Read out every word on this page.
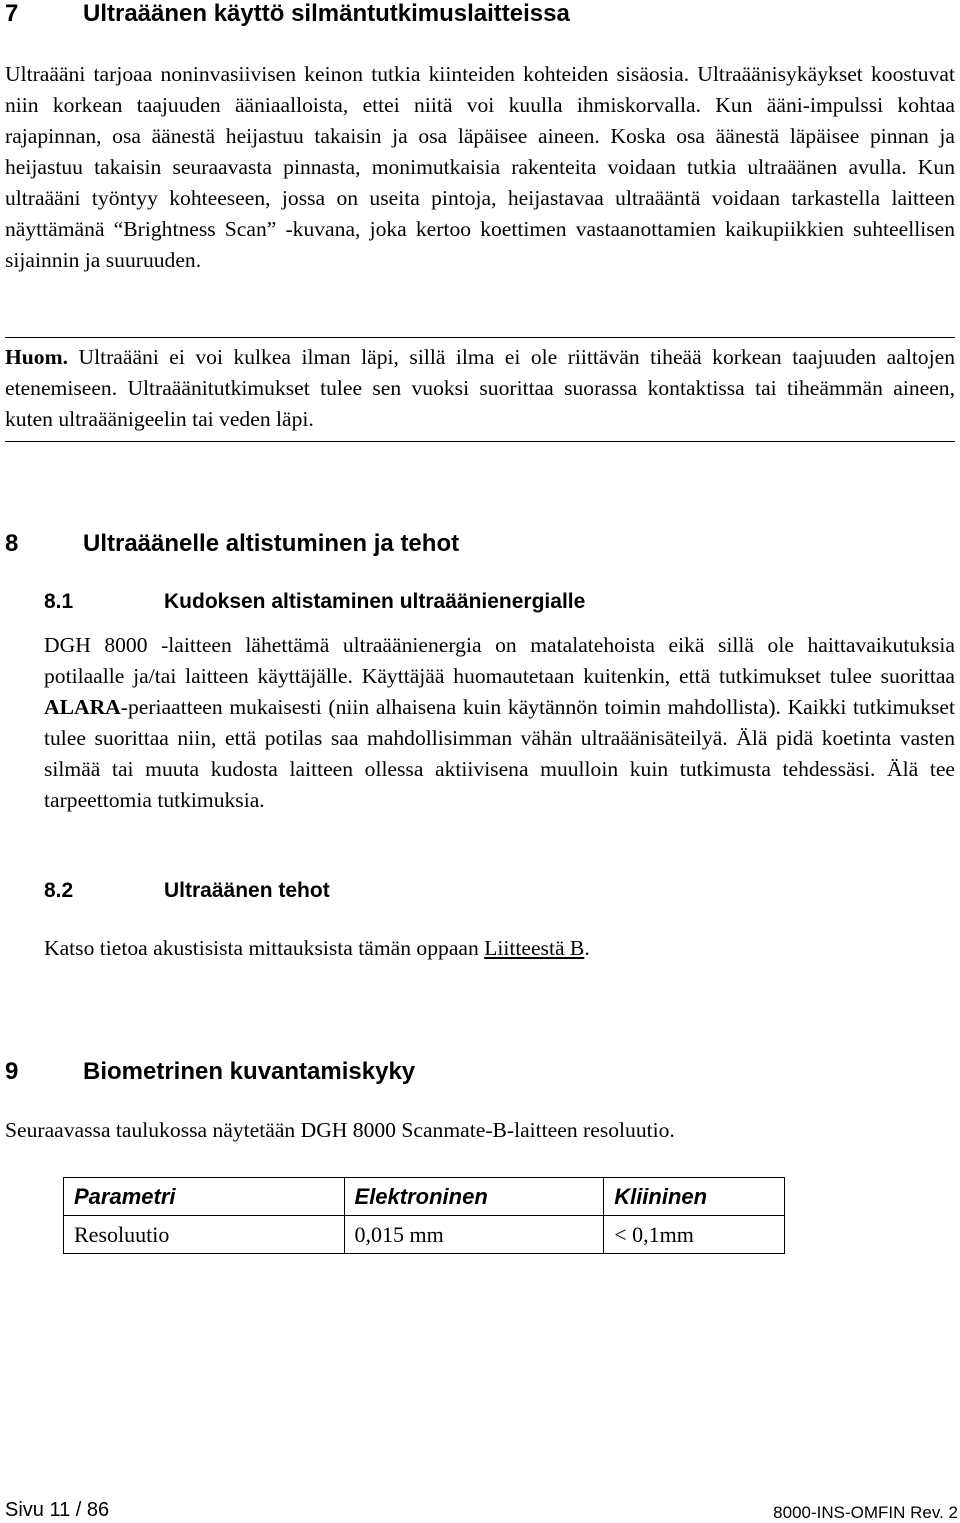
7	Ultraäänen käyttö silmäntutkimuslaitteissa

Ultraääni tarjoaa noninvasiivisen keinon tutkia kiinteiden kohteiden sisäosia. Ultraäänisykäykset koostuvat niin korkean taajuuden ääniaalloista, ettei niitä voi kuulla ihmiskorvalla. Kun ääni-impulssi kohtaa rajapinnan, osa äänestä heijastuu takaisin ja osa läpäisee aineen. Koska osa äänestä läpäisee pinnan ja heijastuu takaisin seuraavasta pinnasta, monimutkaisia rakenteita voidaan tutkia ultraäänen avulla. Kun ultraääni työntyy kohteeseen, jossa on useita pintoja, heijastavaa ultraääntä voidaan tarkastella laitteen näyttämänä “Brightness Scan” -kuvana, joka kertoo koettimen vastaanottamien kaikupiikkien suhteellisen sijainnin ja suuruuden.

Huom. Ultraääni ei voi kulkea ilman läpi, sillä ilma ei ole riittävän tiheää korkean taajuuden aaltojen etenemiseen. Ultraäänitutkimukset tulee sen vuoksi suorittaa suorassa kontaktissa tai tiheämmän aineen, kuten ultraäänigeelin tai veden läpi.

8	Ultraäänelle altistuminen ja tehot
8.1	Kudoksen altistaminen ultraäänienergialle

DGH 8000 -laitteen lähettämä ultraäänienergia on matalatehoista eikä sillä ole haittavaikutuksia potilaalle ja/tai laitteen käyttäjälle. Käyttäjää huomautetaan kuitenkin, että tutkimukset tulee suorittaa ALARA-periaatteen mukaisesti (niin alhaisena kuin käytännön toimin mahdollista). Kaikki tutkimukset tulee suorittaa niin, että potilas saa mahdollisimman vähän ultraäänisäteilyä. Älä pidä koetinta vasten silmää tai muuta kudosta laitteen ollessa aktiivisena muulloin kuin tutkimusta tehdessäsi. Älä tee tarpeettomia tutkimuksia.

8.2	Ultraäänen tehot

Katso tietoa akustisista mittauksista tämän oppaan Liitteestä B.

9	Biometrinen kuvantamiskyky

Seuraavassa taulukossa näytetään DGH 8000 Scanmate-B-laitteen resoluutio.

Parametri	Elektroninen	Kliininen
Resoluutio	0,015 mm	< 0,1mm
Sivu 11 / 86	8000-INS-OMFIN Rev. 2
